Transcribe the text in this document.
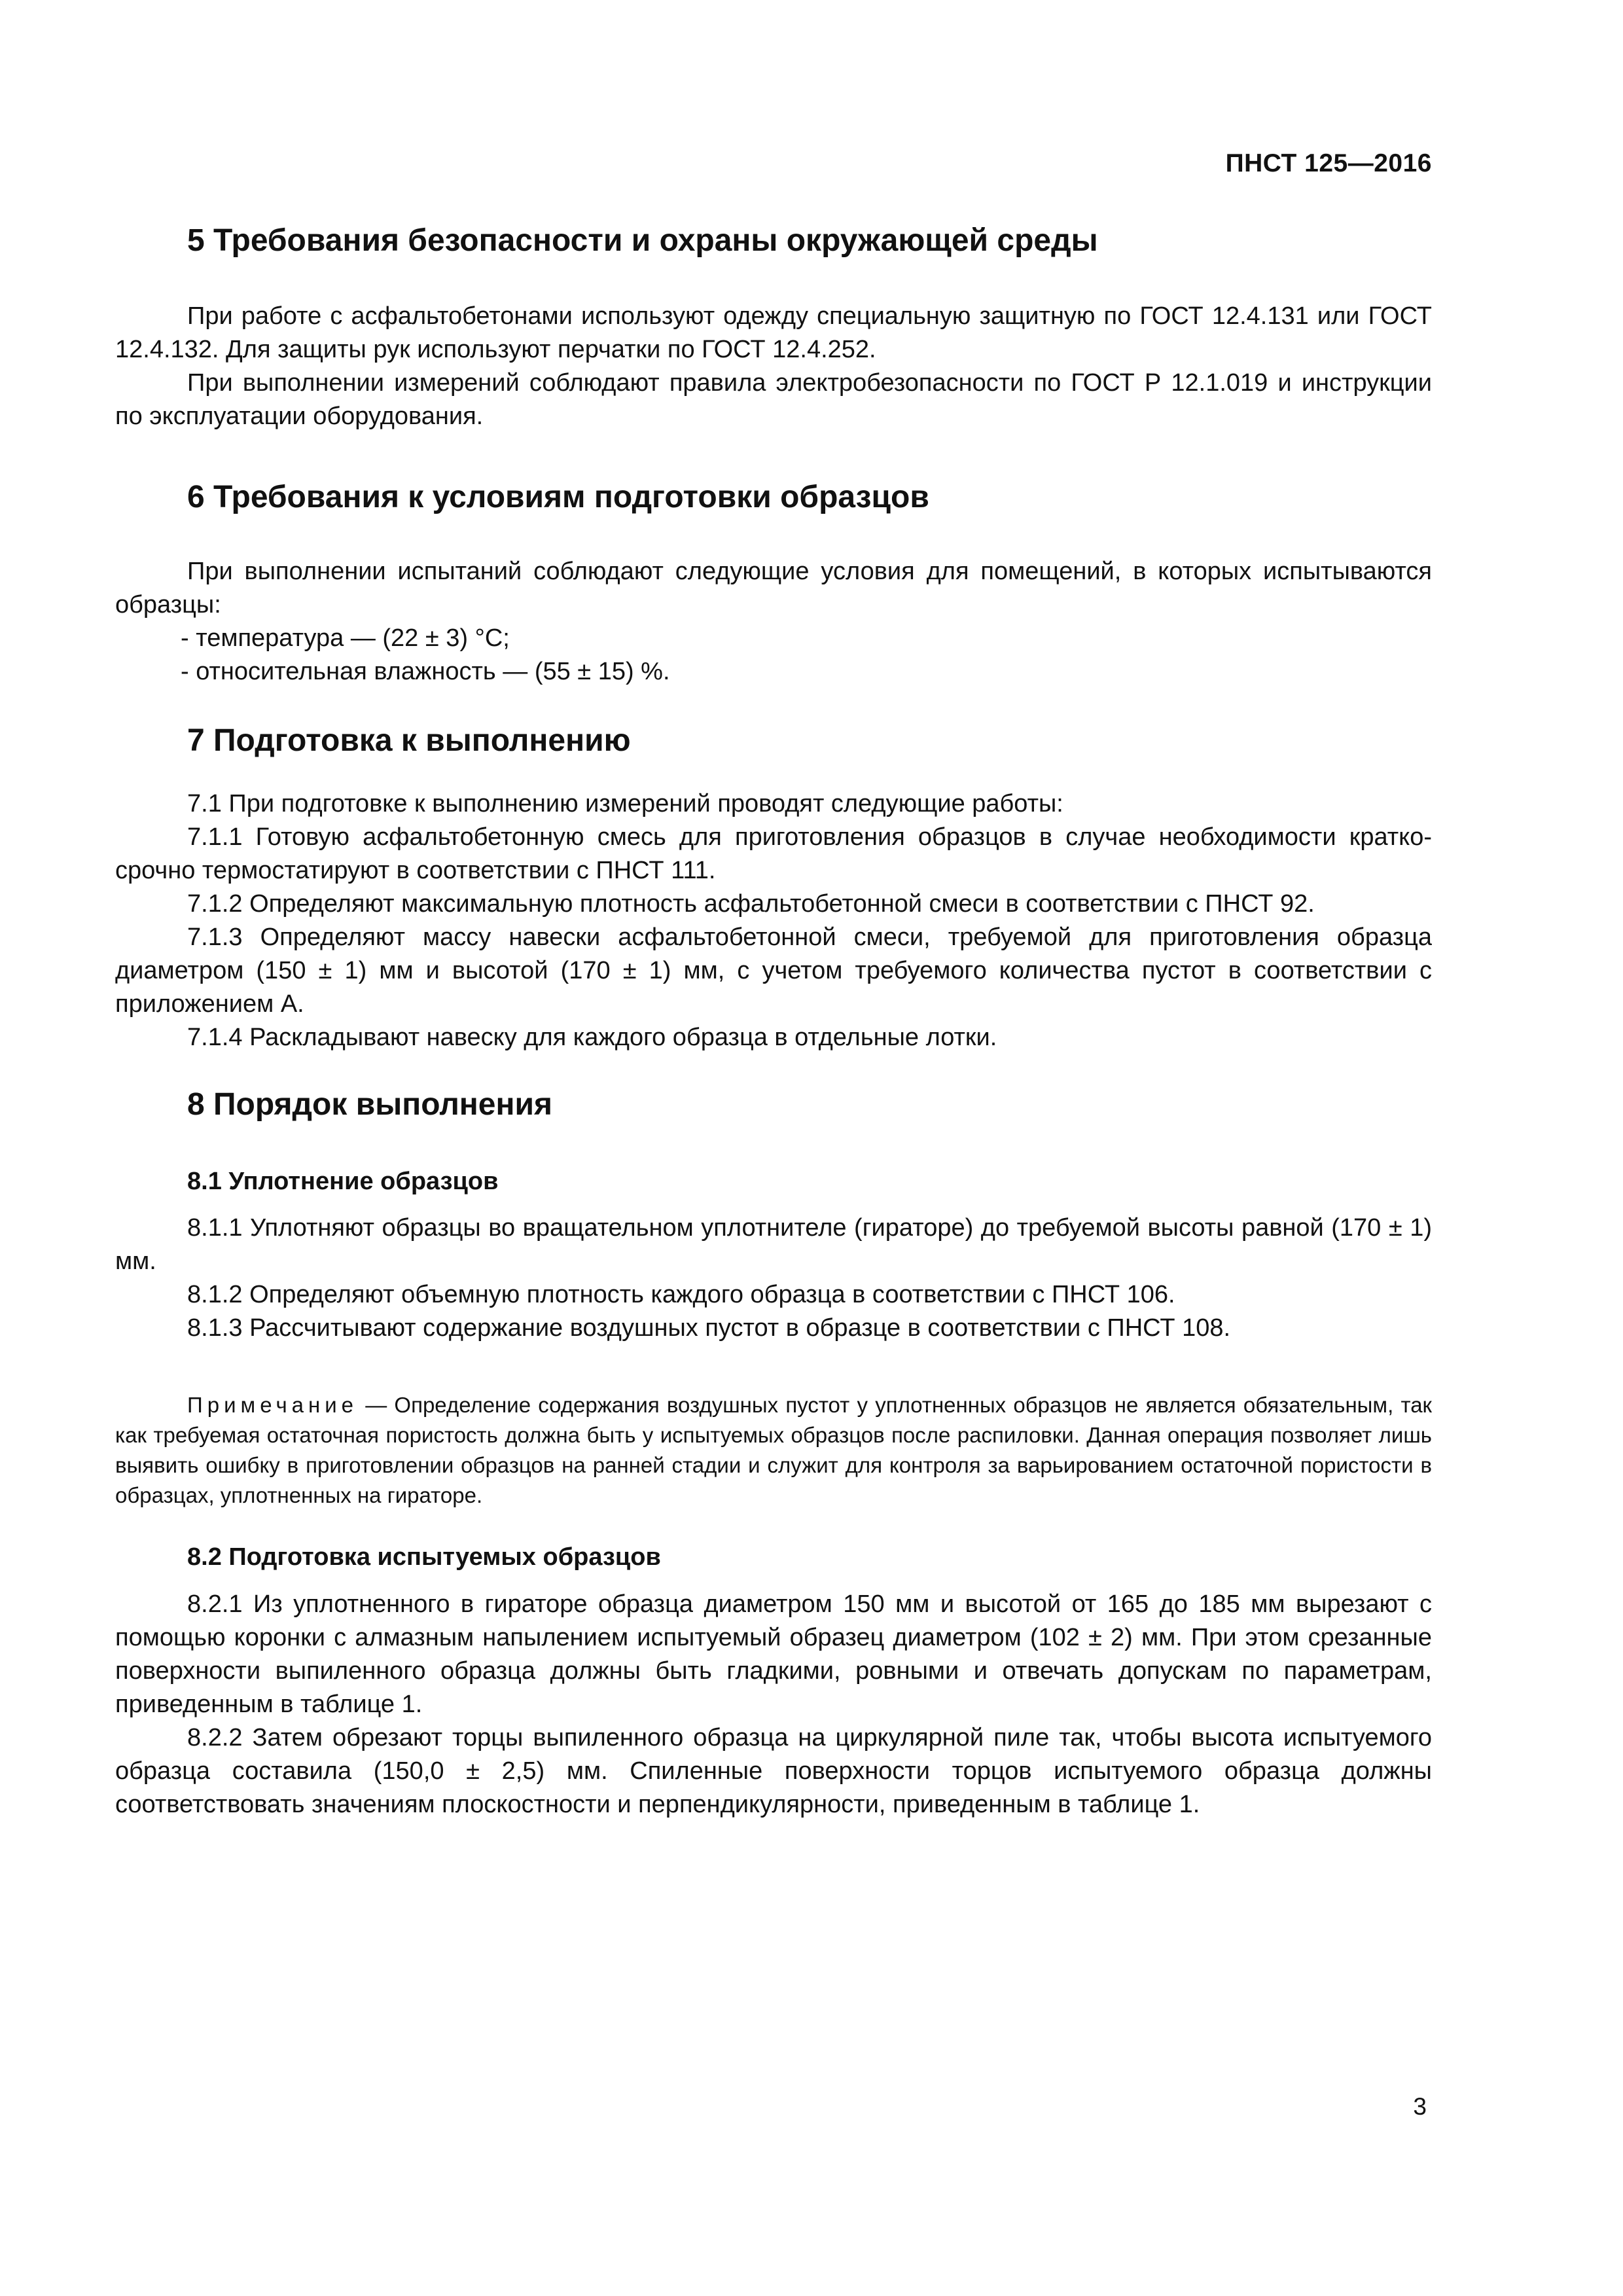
ПНСТ 125—2016
5 Требования безопасности и охраны окружающей среды

При работе с асфальтобетонами используют одежду специальную защитную по ГОСТ 12.4.131 или ГОСТ 12.4.132. Для защиты рук используют перчатки по ГОСТ 12.4.252.

При выполнении измерений соблюдают правила электробезопасности по ГОСТ Р 12.1.019 и инструкции по эксплуатации оборудования.

6 Требования к условиям подготовки образцов

При выполнении испытаний соблюдают следующие условия для помещений, в которых испытываются образцы:

- температура — (22 ± 3) °С;
- относительная влажность — (55 ± 15) %.
7 Подготовка к выполнению

7.1 При подготовке к выполнению измерений проводят следующие работы:

7.1.1 Готовую асфальтобетонную смесь для приготовления образцов в случае необходимости краткосрочно термостатируют в соответствии с ПНСТ 111.

7.1.2 Определяют максимальную плотность асфальтобетонной смеси в соответствии с ПНСТ 92.

7.1.3 Определяют массу навески асфальтобетонной смеси, требуемой для приготовления образца диаметром (150 ± 1) мм и высотой (170 ± 1) мм, с учетом требуемого количества пустот в соответствии с приложением А.

7.1.4 Раскладывают навеску для каждого образца в отдельные лотки.

8 Порядок выполнения
8.1 Уплотнение образцов

8.1.1 Уплотняют образцы во вращательном уплотнителе (гираторе) до требуемой высоты равной (170 ± 1) мм.

8.1.2 Определяют объемную плотность каждого образца в соответствии с ПНСТ 106.

8.1.3 Рассчитывают содержание воздушных пустот в образце в соответствии с ПНСТ 108.

Примечание — Определение содержания воздушных пустот у уплотненных образцов не является обязательным, так как требуемая остаточная пористость должна быть у испытуемых образцов после распиловки. Данная операция позволяет лишь выявить ошибку в приготовлении образцов на ранней стадии и служит для контроля за варьированием остаточной пористости в образцах, уплотненных на гираторе.

8.2 Подготовка испытуемых образцов

8.2.1 Из уплотненного в гираторе образца диаметром 150 мм и высотой от 165 до 185 мм вырезают с помощью коронки с алмазным напылением испытуемый образец диаметром (102 ± 2) мм. При этом срезанные поверхности выпиленного образца должны быть гладкими, ровными и отвечать допускам по параметрам, приведенным в таблице 1.

8.2.2 Затем обрезают торцы выпиленного образца на циркулярной пиле так, чтобы высота испытуемого образца составила (150,0 ± 2,5) мм. Спиленные поверхности торцов испытуемого образца должны соответствовать значениям плоскостности и перпендикулярности, приведенным в таблице 1.

3
